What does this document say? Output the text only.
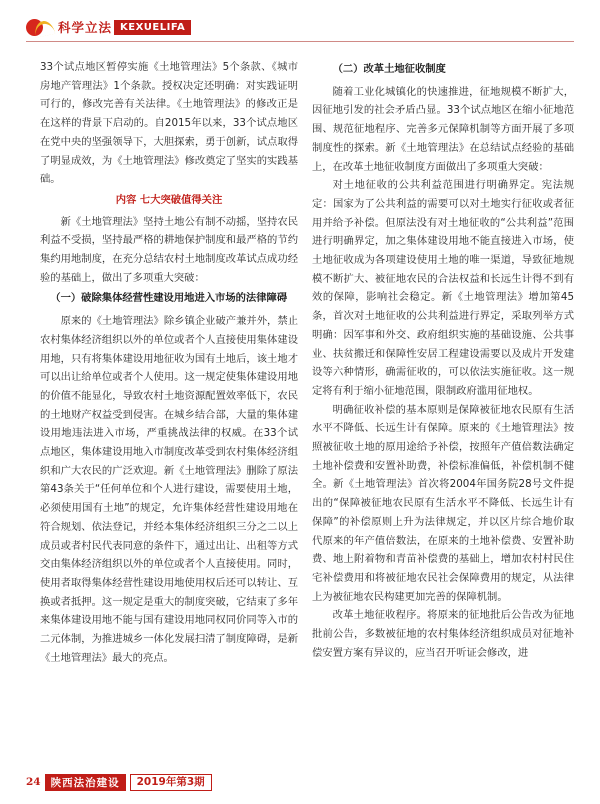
科学立法 KEXUELIFA

33个试点地区暂停实施《土地管理法》5个条款、《城市房地产管理法》1个条款。授权决定还明确：对实践证明可行的，修改完善有关法律。《土地管理法》的修改正是在这样的背景下启动的。自2015年以来，33个试点地区在党中央的坚强领导下，大胆探索，勇于创新，试点取得了明显成效，为《土地管理法》修改奠定了坚实的实践基础。

内容 七大突破值得关注

新《土地管理法》坚持土地公有制不动摇，坚持农民利益不受损，坚持最严格的耕地保护制度和最严格的节约集约用地制度，在充分总结农村土地制度改革试点成功经验的基础上，做出了多项重大突破：

（一）破除集体经营性建设用地进入市场的法律障碍

原来的《土地管理法》除乡镇企业破产兼并外，禁止农村集体经济组织以外的单位或者个人直接使用集体建设用地，只有将集体建设用地征收为国有土地后，该土地才可以出让给单位或者个人使用。这一规定使集体建设用地的价值不能显化，导致农村土地资源配置效率低下，农民的土地财产权益受到侵害。在城乡结合部，大量的集体建设用地违法进入市场，严重挑战法律的权威。在33个试点地区，集体建设用地入市制度改革受到农村集体经济组织和广大农民的广泛欢迎。新《土地管理法》删除了原法第43条关于“任何单位和个人进行建设，需要使用土地，必须使用国有土地”的规定，允许集体经营性建设用地在符合规划、依法登记，并经本集体经济组织三分之二以上成员或者村民代表同意的条件下，通过出让、出租等方式交由集体经济组织以外的单位或者个人直接使用。同时，使用者取得集体经营性建设用地使用权后还可以转让、互换或者抵押。这一规定是重大的制度突破，它结束了多年来集体建设用地不能与国有建设用地同权同价同等入市的二元体制，为推进城乡一体化发展扫清了制度障碍，是新《土地管理法》最大的亮点。

（二）改革土地征收制度

随着工业化城镇化的快速推进，征地规模不断扩大，因征地引发的社会矛盾凸显。33个试点地区在缩小征地范围、规范征地程序、完善多元保障机制等方面开展了多项制度性的探索。新《土地管理法》在总结试点经验的基础上，在改革土地征收制度方面做出了多项重大突破：

对土地征收的公共利益范围进行明确界定。宪法规定：国家为了公共利益的需要可以对土地实行征收或者征用并给予补偿。但原法没有对土地征收的“公共利益”范围进行明确界定，加之集体建设用地不能直接进入市场，使土地征收成为各项建设使用土地的唯一渠道，导致征地规模不断扩大、被征地农民的合法权益和长远生计得不到有效的保障，影响社会稳定。新《土地管理法》增加第45条，首次对土地征收的公共利益进行界定，采取列举方式明确：因军事和外交、政府组织实施的基础设施、公共事业、扶贫搬迁和保障性安居工程建设需要以及成片开发建设等六种情形，确需征收的，可以依法实施征收。这一规定将有利于缩小征地范围，限制政府滥用征地权。

明确征收补偿的基本原则是保障被征地农民原有生活水平不降低、长远生计有保障。原来的《土地管理法》按照被征收土地的原用途给予补偿，按照年产值倍数法确定土地补偿费和安置补助费，补偿标准偏低，补偿机制不健全。新《土地管理法》首次将2004年国务院28号文件提出的“保障被征地农民原有生活水平不降低、长远生计有保障”的补偿原则上升为法律规定，并以区片综合地价取代原来的年产值倍数法，在原来的土地补偿费、安置补助费、地上附着物和青苗补偿费的基础上，增加农村村民住宅补偿费用和将被征地农民社会保障费用的规定，从法律上为被征地农民构建更加完善的保障机制。

改革土地征收程序。将原来的征地批后公告改为征地批前公告，多数被征地的农村集体经济组织成员对征地补偿安置方案有异议的，应当召开听证会修改，进

24 陕西法治建设	2019年第3期
